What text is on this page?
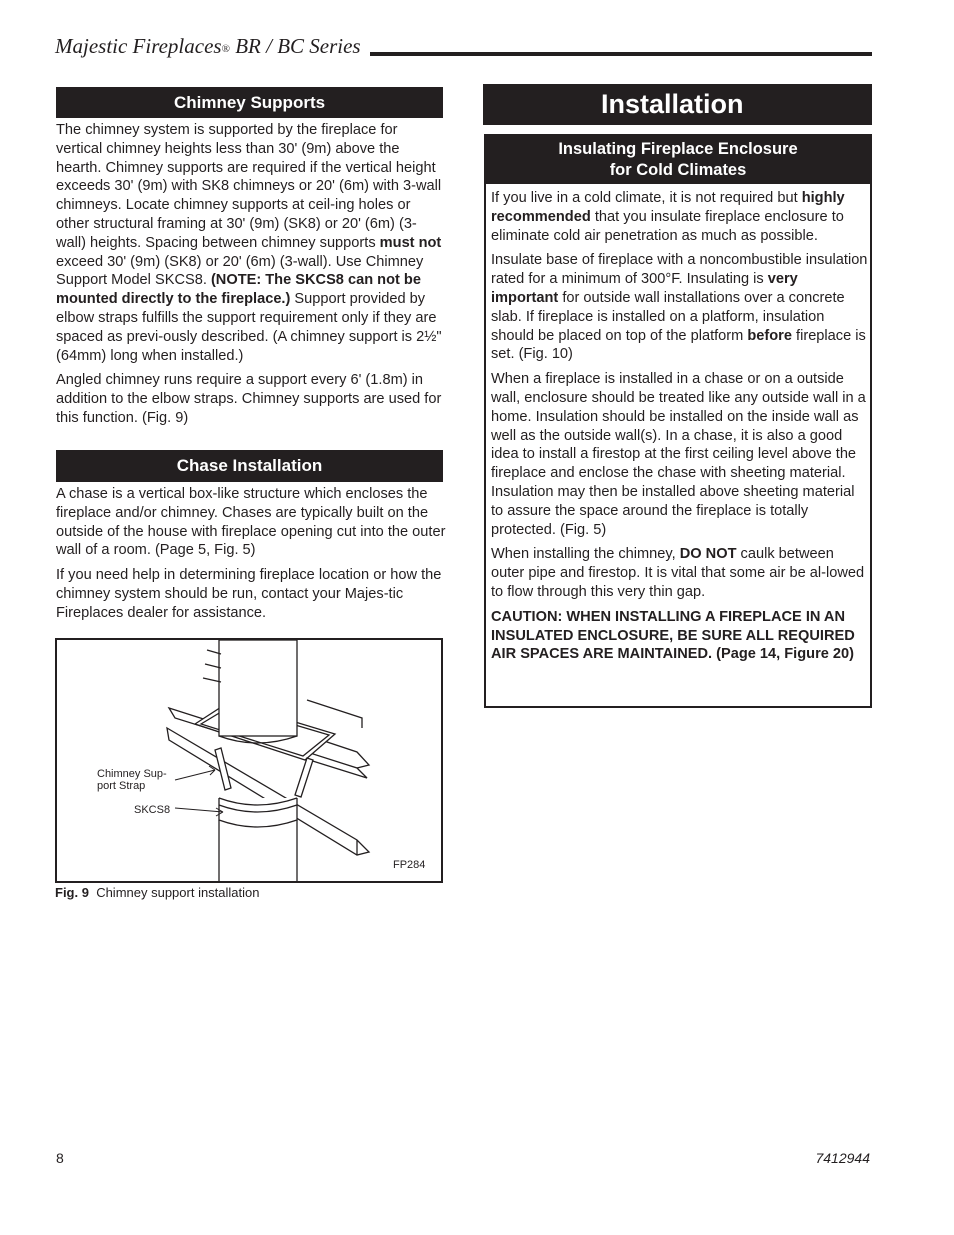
Majestic Fireplaces® BR / BC Series
Chimney Supports

The chimney system is supported by the fireplace for vertical chimney heights less than 30' (9m) above the hearth. Chimney supports are required if the vertical height exceeds 30' (9m) with SK8 chimneys or 20' (6m) with 3-wall chimneys. Locate chimney supports at ceil-ing holes or other structural framing at 30' (9m) (SK8) or 20' (6m) (3-wall) heights. Spacing between chimney supports must not exceed 30' (9m) (SK8) or 20' (6m) (3-wall). Use Chimney Support Model SKCS8. (NOTE: The SKCS8 can not be mounted directly to the fireplace.) Support provided by elbow straps fulfills the support requirement only if they are spaced as previ-ously described. (A chimney support is 2½" (64mm) long when installed.)

Angled chimney runs require a support every 6' (1.8m) in addition to the elbow straps. Chimney supports are used for this function. (Fig. 9)

Chase Installation

A chase is a vertical box-like structure which encloses the fireplace and/or chimney. Chases are typically built on the outside of the house with fireplace opening cut into the outer wall of a room. (Page 5, Fig. 5)

If you need help in determining fireplace location or how the chimney system should be run, contact your Majes-tic Fireplaces dealer for assistance.

Chimney Sup-port Strap
SKCS8
FP284
Fig. 9 Chimney support installation
Installation
Insulating Fireplace Enclosure
for Cold Climates

If you live in a cold climate, it is not required but highly recommended that you insulate fireplace enclosure to eliminate cold air penetration as much as possible.

Insulate base of fireplace with a noncombustible insulation rated for a minimum of 300°F. Insulating is very important for outside wall installations over a concrete slab. If fireplace is installed on a platform, insulation should be placed on top of the platform before fireplace is set. (Fig. 10)

When a fireplace is installed in a chase or on a outside wall, enclosure should be treated like any outside wall in a home. Insulation should be installed on the inside wall as well as the outside wall(s). In a chase, it is also a good idea to install a firestop at the first ceiling level above the fireplace and enclose the chase with sheeting material. Insulation may then be installed above sheeting material to assure the space around the fireplace is totally protected. (Fig. 5)

When installing the chimney, DO NOT caulk between outer pipe and firestop. It is vital that some air be al-lowed to flow through this very thin gap.

CAUTION: WHEN INSTALLING A FIREPLACE IN AN INSULATED ENCLOSURE, BE SURE ALL REQUIRED AIR SPACES ARE MAINTAINED. (Page 14, Figure 20)

8	7412944
